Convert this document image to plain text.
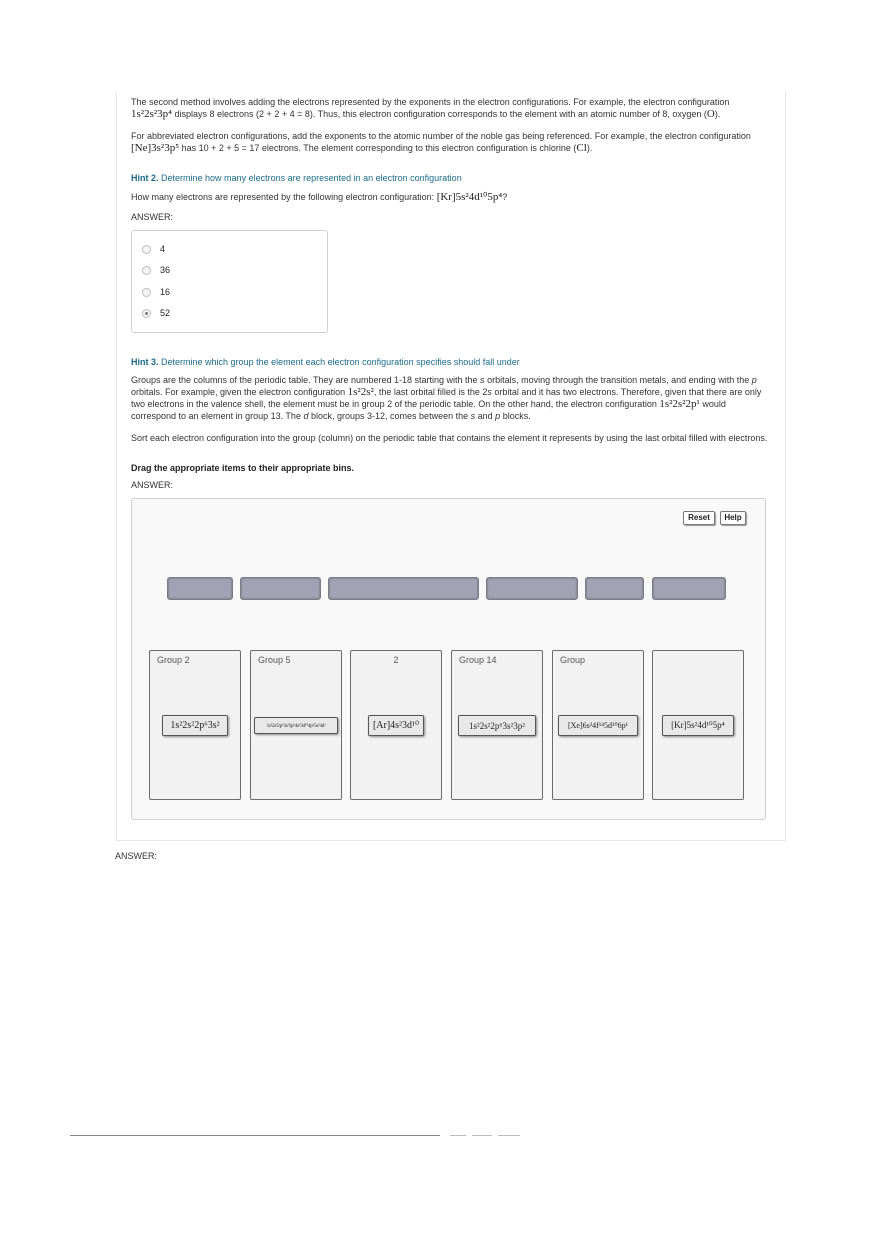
The second method involves adding the electrons represented by the exponents in the electron configurations. For example, the electron configuration 1s²2s²3p⁴ displays 8 electrons (2 + 2 + 4 = 8). Thus, this electron configuration corresponds to the element with an atomic number of 8, oxygen (O).

For abbreviated electron configurations, add the exponents to the atomic number of the noble gas being referenced. For example, the electron configuration [Ne]3s²3p⁵ has 10 + 2 + 5 = 17 electrons. The element corresponding to this electron configuration is chlorine (Cl).

Hint 2. Determine how many electrons are represented in an electron configuration

How many electrons are represented by the following electron configuration: [Kr]5s²4d¹⁰5p⁴?

ANSWER:
4
36
16
52

Hint 3. Determine which group the element each electron configuration specifies should fall under

Groups are the columns of the periodic table. They are numbered 1-18 starting with the s orbitals, moving through the transition metals, and ending with the p orbitals. For example, given the electron configuration 1s²2s², the last orbital filled is the 2s orbital and it has two electrons. Therefore, given that there are only two electrons in the valence shell, the element must be in group 2 of the periodic table. On the other hand, the electron configuration 1s²2s²2p¹ would correspond to an element in group 13. The d block, groups 3-12, comes between the s and p blocks.

Sort each electron configuration into the group (column) on the periodic table that contains the element it represents by using the last orbital filled with electrons.

Drag the appropriate items to their appropriate bins.

ANSWER:
Reset	Help
Group 2
1s²2s²2p⁶3s²
Group 5
1s²2s²2p⁶3s²3p⁶4s²3d¹⁰4p⁶5s²4d³
2
[Ar]4s²3d¹⁰
Group 14
1s²2s²2p⁶3s²3p²
Group
[Xe]6s²4f¹⁴5d¹⁰6p¹	[Kr]5s²4d¹⁰5p⁴
ANSWER:
